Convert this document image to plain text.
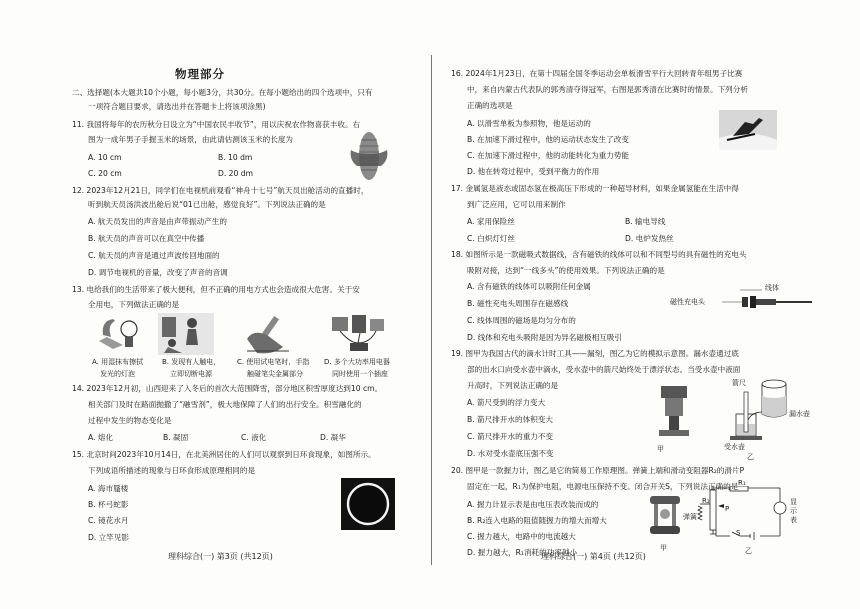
物理部分
二、选择题(本大题共10个小题，每小题3分，共30分。在每小题给出的四个选项中，只有
一项符合题目要求，请选出并在答题卡上将该项涂黑)
11. 我国将每年的农历秋分日设立为“中国农民丰收节”，用以庆祝农作物喜获丰收。右
图为一成年男子手握玉米的场景，由此请估测该玉米的长度为
A. 10 cm	B. 10 dm
C. 20 cm	D. 20 dm
12. 2023年12月21日，同学们在电视机前观看“神舟十七号”航天员出舱活动的直播时，
听到航天员汤洪波出舱后说“01已出舱，感觉良好”。下列说法正确的是
A. 航天员发出的声音是由声带振动产生的
B. 航天员的声音可以在真空中传播
C. 航天员的声音是通过声波传回地面的
D. 调节电视机的音量，改变了声音的音调
13. 电给我们的生活带来了极大便利，但不正确的用电方式也会造成很大危害。关于安
全用电，下列做法正确的是
A. 用湿抹布擦拭
发光的灯泡
B. 发现有人触电，
立即切断电源
C. 使用试电笔时，手指
触碰笔尖金属部分
D. 多个大功率用电器
同时使用一个插座
14. 2023年12月初，山西迎来了入冬后的首次大范围降雪，部分地区积雪厚度达到10 cm。
相关部门及时在路面抛撒了“融雪剂”，极大地保障了人们的出行安全。积雪融化的
过程中发生的物态变化是
A. 熔化	B. 凝固	C. 液化	D. 凝华
15. 北京时间2023年10月14日，在北美洲居住的人们可以观察到日环食现象，如图所示。
下列成语所描述的现象与日环食形成原理相同的是
A. 海市蜃楼
B. 杯弓蛇影
C. 镜花水月
D. 立竿见影
理科综合(一) 第3页 (共12页)
16. 2024年1月23日，在第十四届全国冬季运动会单板滑雪平行大回转青年组男子比赛
中，来自内蒙古代表队的郭秀清夺得冠军，右图是郭秀清在比赛时的情景。下列分析
正确的选项是
A. 以滑雪单板为参照物，他是运动的
B. 在加速下滑过程中，他的运动状态发生了改变
C. 在加速下滑过程中，他的动能转化为重力势能
D. 他在转弯过程中，受到平衡力的作用
17. 金属氢是液态或固态氢在极高压下形成的一种超导材料，如果金属氢能在生活中得
到广泛应用，它可以用来制作
A. 家用保险丝	B. 输电导线
C. 白炽灯灯丝	D. 电炉发热丝
18. 如图所示是一款磁吸式数据线，含有磁铁的线体可以和不同型号的具有磁性的充电头
吸附对接，达到“一线多头”的使用效果。下列说法正确的是
A. 含有磁铁的线体可以吸附任何金属
B. 磁性充电头周围存在磁感线
C. 线体周围的磁场是均匀分布的
D. 线体和充电头吸附是因为异名磁极相互吸引
线体
磁性充电头
19. 图甲为我国古代的滴水计时工具——漏刻，图乙为它的模拟示意图。漏水壶通过底
部的出水口向受水壶中滴水，受水壶中的箭尺始终处于漂浮状态。当受水壶中液面
升高时，下列说法正确的是
A. 箭尺受到的浮力变大
B. 箭尺排开水的体积变大
C. 箭尺排开水的重力不变
D. 水对受水壶底压强不变	甲
箭尺
漏水壶
受水壶
乙
20. 图甲是一款握力计，图乙是它的简易工作原理图。弹簧上端和滑动变阻器R₂的滑片P
固定在一起，R₁为保护电阻，电源电压保持不变。闭合开关S，下列说法正确的是
A. 握力计显示表是由电压表改装而成的
B. R₂连入电路的阻值随握力的增大而增大
C. 握力越大，电路中的电流越大
D. 握力越大，R₁消耗的功率越小	甲
弹簧
P
R₁
R₂
S
显示表
乙
理科综合(一) 第4页 (共12页)
